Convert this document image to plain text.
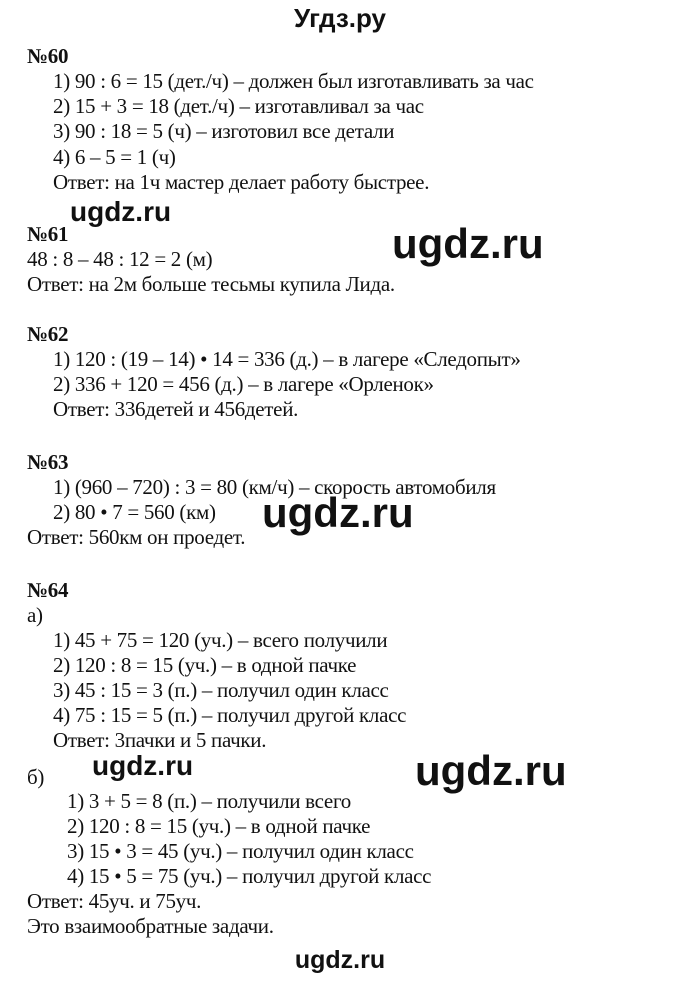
Угдз.ру
№60
1) 90 : 6 = 15 (дет./ч) – должен был изготавливать за час
2) 15 + 3 = 18 (дет./ч) – изготавливал за час
3) 90 : 18 = 5 (ч) – изготовил все детали
4) 6 – 5 = 1 (ч)
Ответ: на 1ч мастер делает работу быстрее.
№61
48 : 8 – 48 : 12 = 2 (м)
Ответ: на 2м больше тесьмы купила Лида.
№62
1) 120 : (19 – 14) • 14 = 336 (д.) – в лагере «Следопыт»
2) 336 + 120 = 456 (д.) – в лагере «Орленок»
Ответ: 336детей и 456детей.
№63
1) (960 – 720) : 3 = 80 (км/ч) – скорость автомобиля
2) 80 • 7 = 560 (км)
Ответ: 560км он проедет.
№64
а)
1) 45 + 75 = 120 (уч.) – всего получили
2) 120 : 8 = 15 (уч.) – в одной пачке
3) 45 : 15 = 3 (п.) – получил один класс
4) 75 : 15 = 5 (п.) – получил другой класс
Ответ: 3пачки и 5 пачки.
б)
1) 3 + 5 = 8 (п.) – получили всего
2) 120 : 8 = 15 (уч.) – в одной пачке
3) 15 • 3 = 45 (уч.) – получил один класс
4) 15 • 5 = 75 (уч.) – получил другой класс
Ответ: 45уч. и 75уч.
Это взаимообратные задачи.
ugdz.ru
ugdz.ru
ugdz.ru
ugdz.ru	ugdz.ru
ugdz.ru
